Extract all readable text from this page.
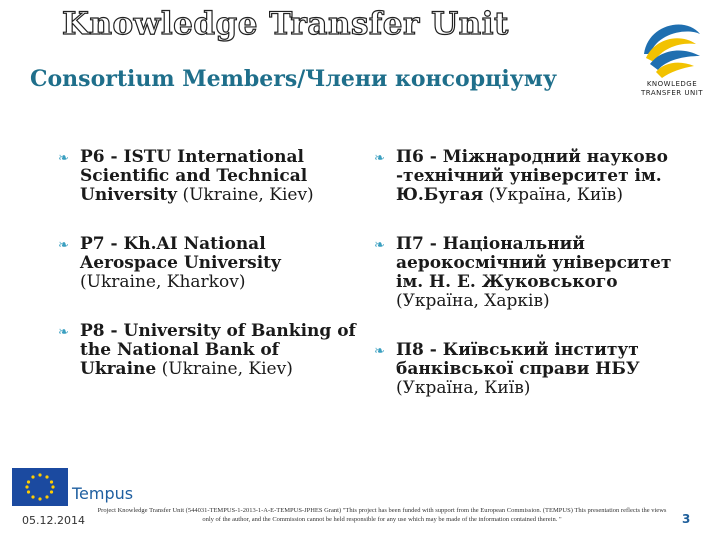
Knowledge Transfer Unit
Consortium Members/Члени консорціуму	KNOWLEDGE
TRANSFER UNIT
❧ P6 - ISTU International Scientific and Technical University (Ukraine, Kiev)
❧ P7 - Kh.AI National Aerospace University (Ukraine, Kharkov)
❧ P8 - University of Banking of the National Bank of Ukraine (Ukraine, Kiev)
❧ П6 - Міжнародний науково -технічний університет ім. Ю.Бугая (Україна, Київ)
❧ П7 - Національний аерокосмічний університет ім. Н. Е. Жуковського (Україна, Харків)
❧ П8 - Київський інститут банківської справи НБУ (Україна, Київ)
Tempus
05.12.2014
Project Knowledge Transfer Unit (544031-TEMPUS-1-2013-1-A-E-TEMPUS-JPHES Grant) "This project has been funded with support from the European Commission. (TEMPUS) This presentation reflects the views only of the author, and the Commission cannot be held responsible for any use which may be made of the information contained therein. "	3
